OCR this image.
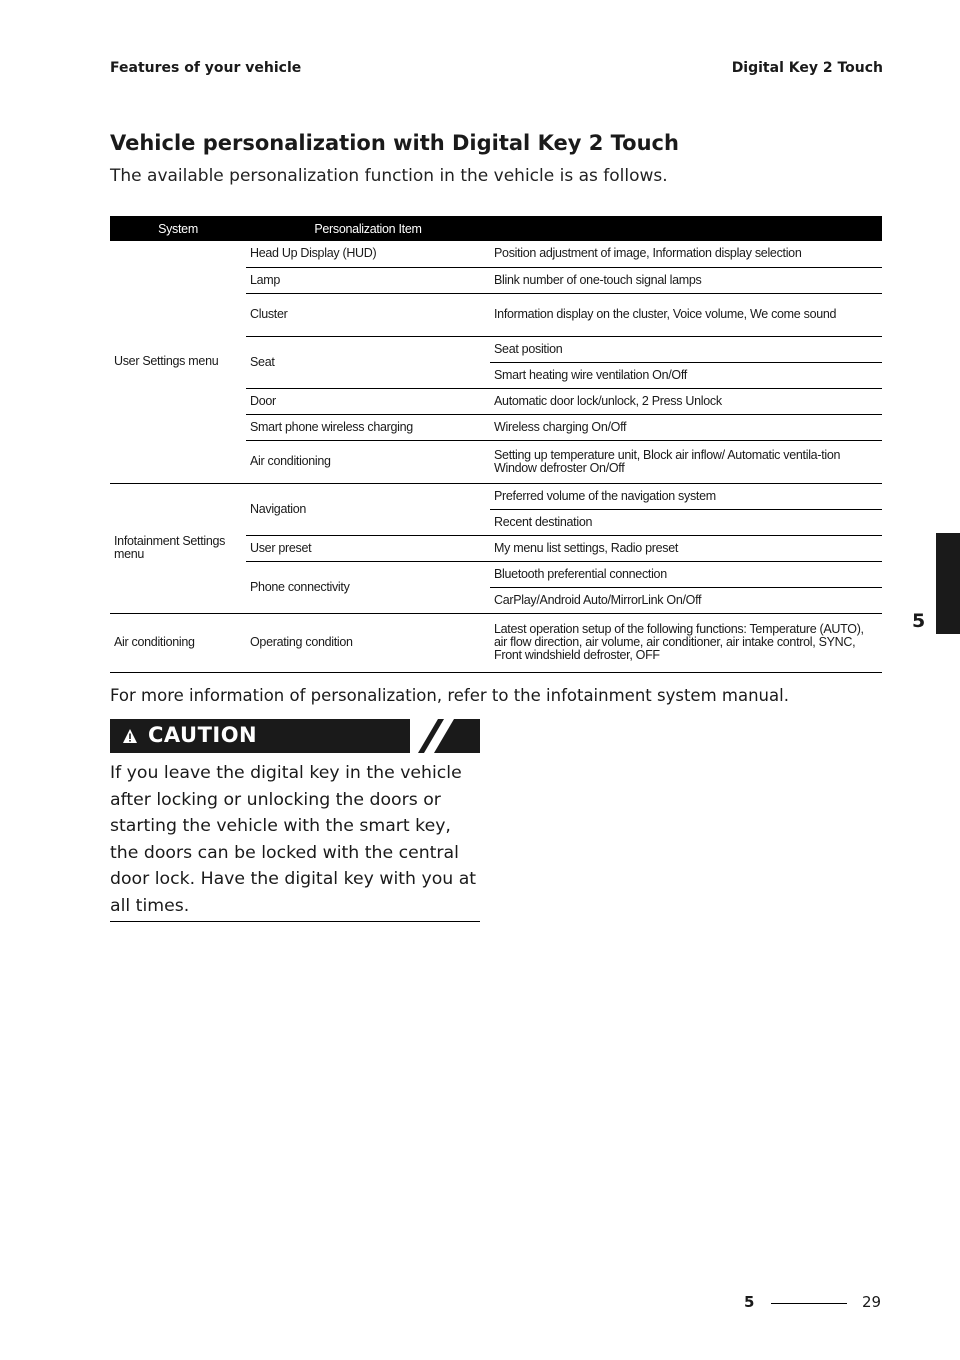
Features of your vehicle	Digital Key 2 Touch
Vehicle personalization with Digital Key 2 Touch

The available personalization function in the vehicle is as follows.

System	Personalization Item	
User Settings menu	Head Up Display (HUD)	Position adjustment of image, Information display selection
	Lamp	Blink number of one-touch signal lamps
	Cluster	Information display on the cluster, Voice volume, We come sound
	Seat	Seat position
		Smart heating wire ventilation On/Off
	Door	Automatic door lock/unlock, 2 Press Unlock
	Smart phone wireless charging	Wireless charging On/Off
	Air conditioning	Setting up temperature unit, Block air inflow/ Automatic ventila-tion Window defroster On/Off
Infotainment Settings menu	Navigation	Preferred volume of the navigation system
		Recent destination
	User preset	My menu list settings, Radio preset
	Phone connectivity	Bluetooth preferential connection
		CarPlay/Android Auto/MirrorLink On/Off
Air conditioning	Operating condition	Latest operation setup of the following functions: Temperature (AUTO), air flow direction, air volume, air conditioner, air intake control, SYNC, Front windshield defroster, OFF

For more information of personalization, refer to the infotainment system manual.

CAUTION

If you leave the digital key in the vehicle after locking or unlocking the doors or starting the vehicle with the smart key, the doors can be locked with the central door lock. Have the digital key with you at all times.

5
5	29
